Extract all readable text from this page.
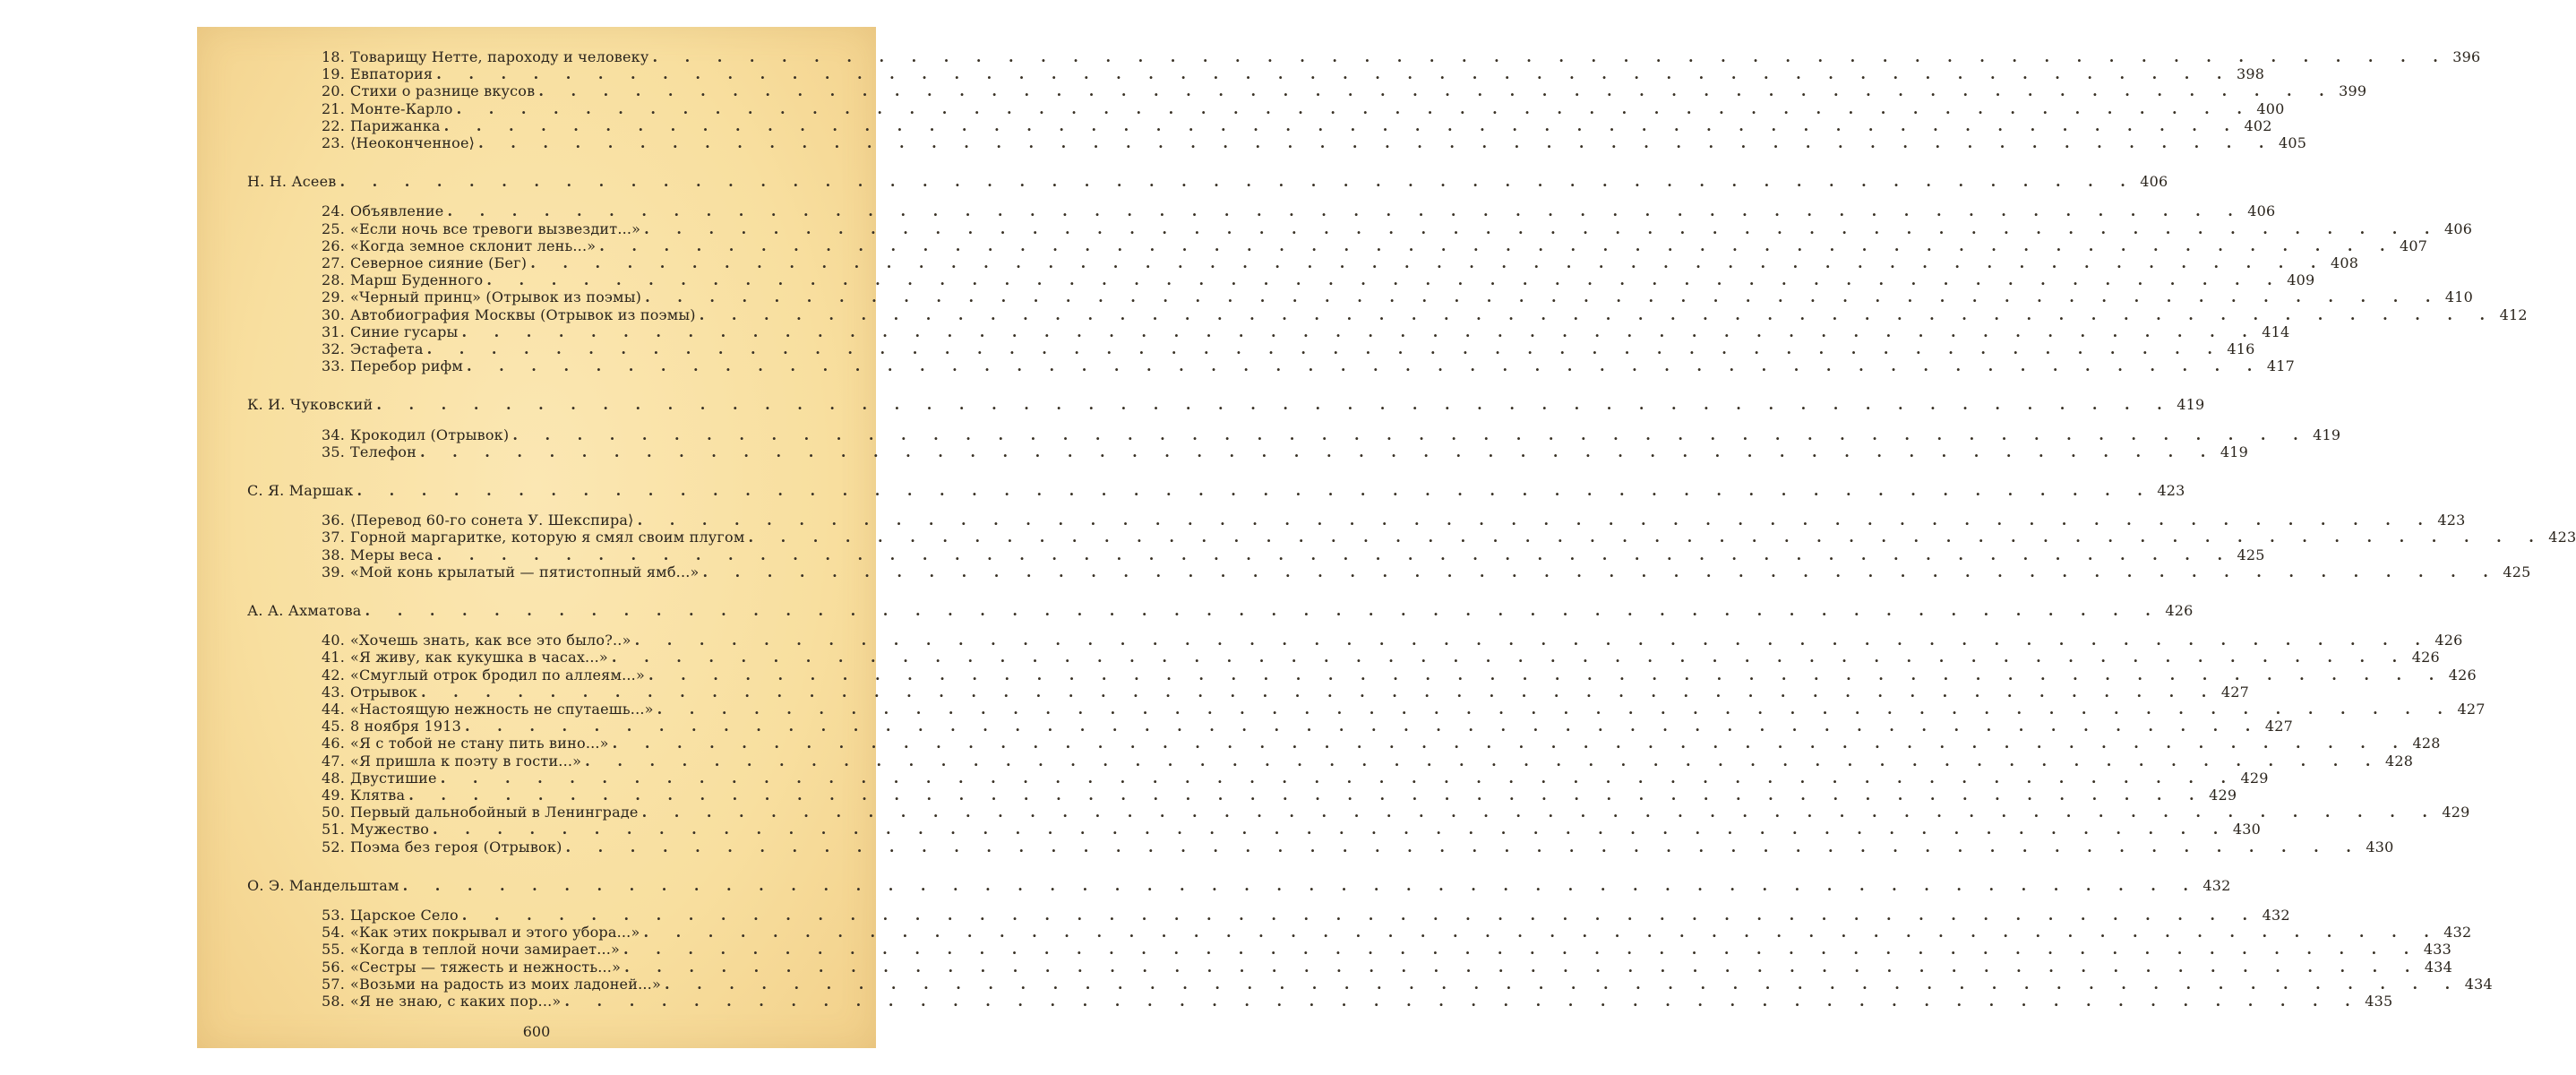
18. Товарищу Нетте, пароходу и человеку . . .	396
19. Евпатория . . .	398
20. Стихи о разнице вкусов . . .	399
21. Монте-Карло . . .	400
22. Парижанка . . .	402
23. ⟨Неоконченное⟩ . . .	405
Н. Н. Асеев . . .	406
24. Объявление . . .	406
25. «Если ночь все тревоги вызвездит...» . . .	406
26. «Когда земное склонит лень...» . . .	407
27. Северное сияние (Бег) . . .	408
28. Марш Буденного . . .	409
29. «Черный принц» (Отрывок из поэмы) . . .	410
30. Автобиография Москвы (Отрывок из поэмы) . . .	412
31. Синие гусары . . .	414
32. Эстафета . . .	416
33. Перебор рифм . . .	417
К. И. Чуковский . . .	419
34. Крокодил (Отрывок) . . .	419
35. Телефон . . .	419
С. Я. Маршак . . .	423
36. ⟨Перевод 60-го сонета У. Шекспира⟩ . . .	423
37. Горной маргаритке, которую я смял своим плугом . . .	423
38. Меры веса . . .	425
39. «Мой конь крылатый — пятистопный ямб...» . . .	425
А. А. Ахматова . . .	426
40. «Хочешь знать, как все это было?..» . . .	426
41. «Я живу, как кукушка в часах...» . . .	426
42. «Смуглый отрок бродил по аллеям...» . . .	426
43. Отрывок . . .	427
44. «Настоящую нежность не спутаешь...» . . .	427
45. 8 ноября 1913 . . .	427
46. «Я с тобой не стану пить вино...» . . .	428
47. «Я пришла к поэту в гости...» . . .	428
48. Двустишие . . .	429
49. Клятва . . .	429
50. Первый дальнобойный в Ленинграде . . .	429
51. Мужество . . .	430
52. Поэма без героя (Отрывок) . . .	430
О. Э. Мандельштам . . .	432
53. Царское Село . . .	432
54. «Как этих покрывал и этого убора...» . . .	432
55. «Когда в теплой ночи замирает...» . . .	433
56. «Сестры — тяжесть и нежность...» . . .	434
57. «Возьми на радость из моих ладоней...» . . .	434
58. «Я не знаю, с каких пор...» . . .	435
600
